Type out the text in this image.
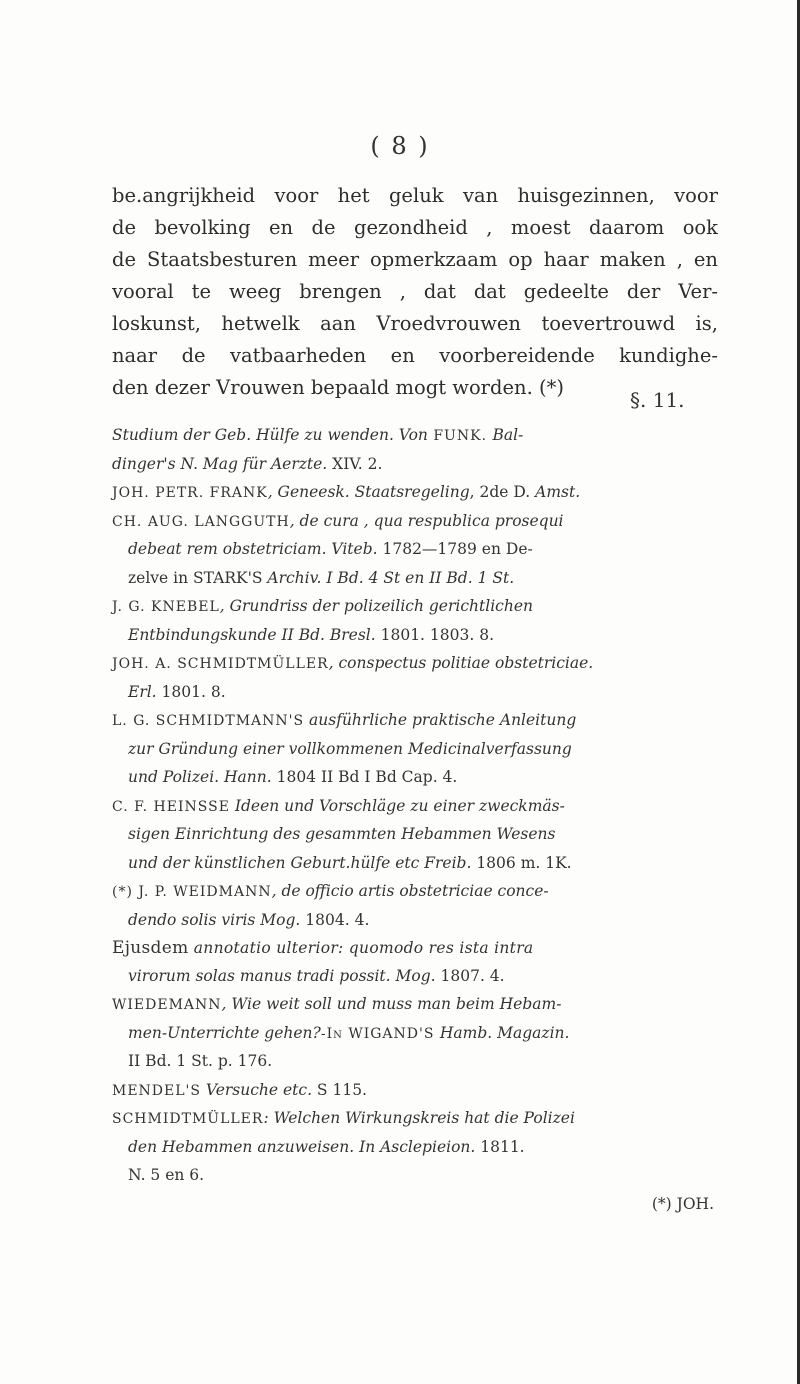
( 8 )
be.angrijkheid voor het geluk van huisgezinnen, voor
de bevolking en de gezondheid , moest daarom ook
de Staatsbesturen meer opmerkzaam op haar maken , en
vooral te weeg brengen , dat dat gedeelte der Ver-
loskunst, hetwelk aan Vroedvrouwen toevertrouwd is,
naar de vatbaarheden en voorbereidende kundighe-
den dezer Vrouwen bepaald mogt worden. (*)
§. 11.
Studium der Geb. Hülfe zu wenden. Von FUNK. Bal-
dinger's N. Mag für Aerzte. XIV. 2.
JOH. PETR. FRANK, Geneesk. Staatsregeling, 2de D. Amst.
CH. AUG. LANGGUTH, de cura , qua respublica prosequi
debeat rem obstetriciam. Viteb. 1782—1789 en De-
zelve in STARK'S Archiv. I Bd. 4 St en II Bd. 1 St.
J. G. KNEBEL, Grundriss der polizeilich gerichtlichen
Entbindungskunde II Bd. Bresl. 1801. 1803. 8.
JOH. A. SCHMIDTMÜLLER, conspectus politiae obstetriciae.
Erl. 1801. 8.
L. G. SCHMIDTMANN'S ausführliche praktische Anleitung
zur Gründung einer vollkommenen Medicinalverfassung
und Polizei. Hann. 1804 II Bd I Bd Cap. 4.
C. F. HEINSSE Ideen und Vorschläge zu einer zweckmäs-
sigen Einrichtung des gesammten Hebammen Wesens
und der künstlichen Geburt.hülfe etc Freib. 1806 m. 1K.
(*) J. P. WEIDMANN, de officio artis obstetriciae conce-
dendo solis viris Mog. 1804. 4.
Ejusdem annotatio ulterior: quomodo res ista intra
virorum solas manus tradi possit. Mog. 1807. 4.
WIEDEMANN, Wie weit soll und muss man beim Hebam-
men-Unterrichte gehen?-In WIGAND'S Hamb. Magazin.
II Bd. 1 St. p. 176.
MENDEL'S Versuche etc. S 115.
SCHMIDTMÜLLER: Welchen Wirkungskreis hat die Polizei
den Hebammen anzuweisen. In Asclepieion. 1811.
N. 5 en 6.
(*) JOH.
